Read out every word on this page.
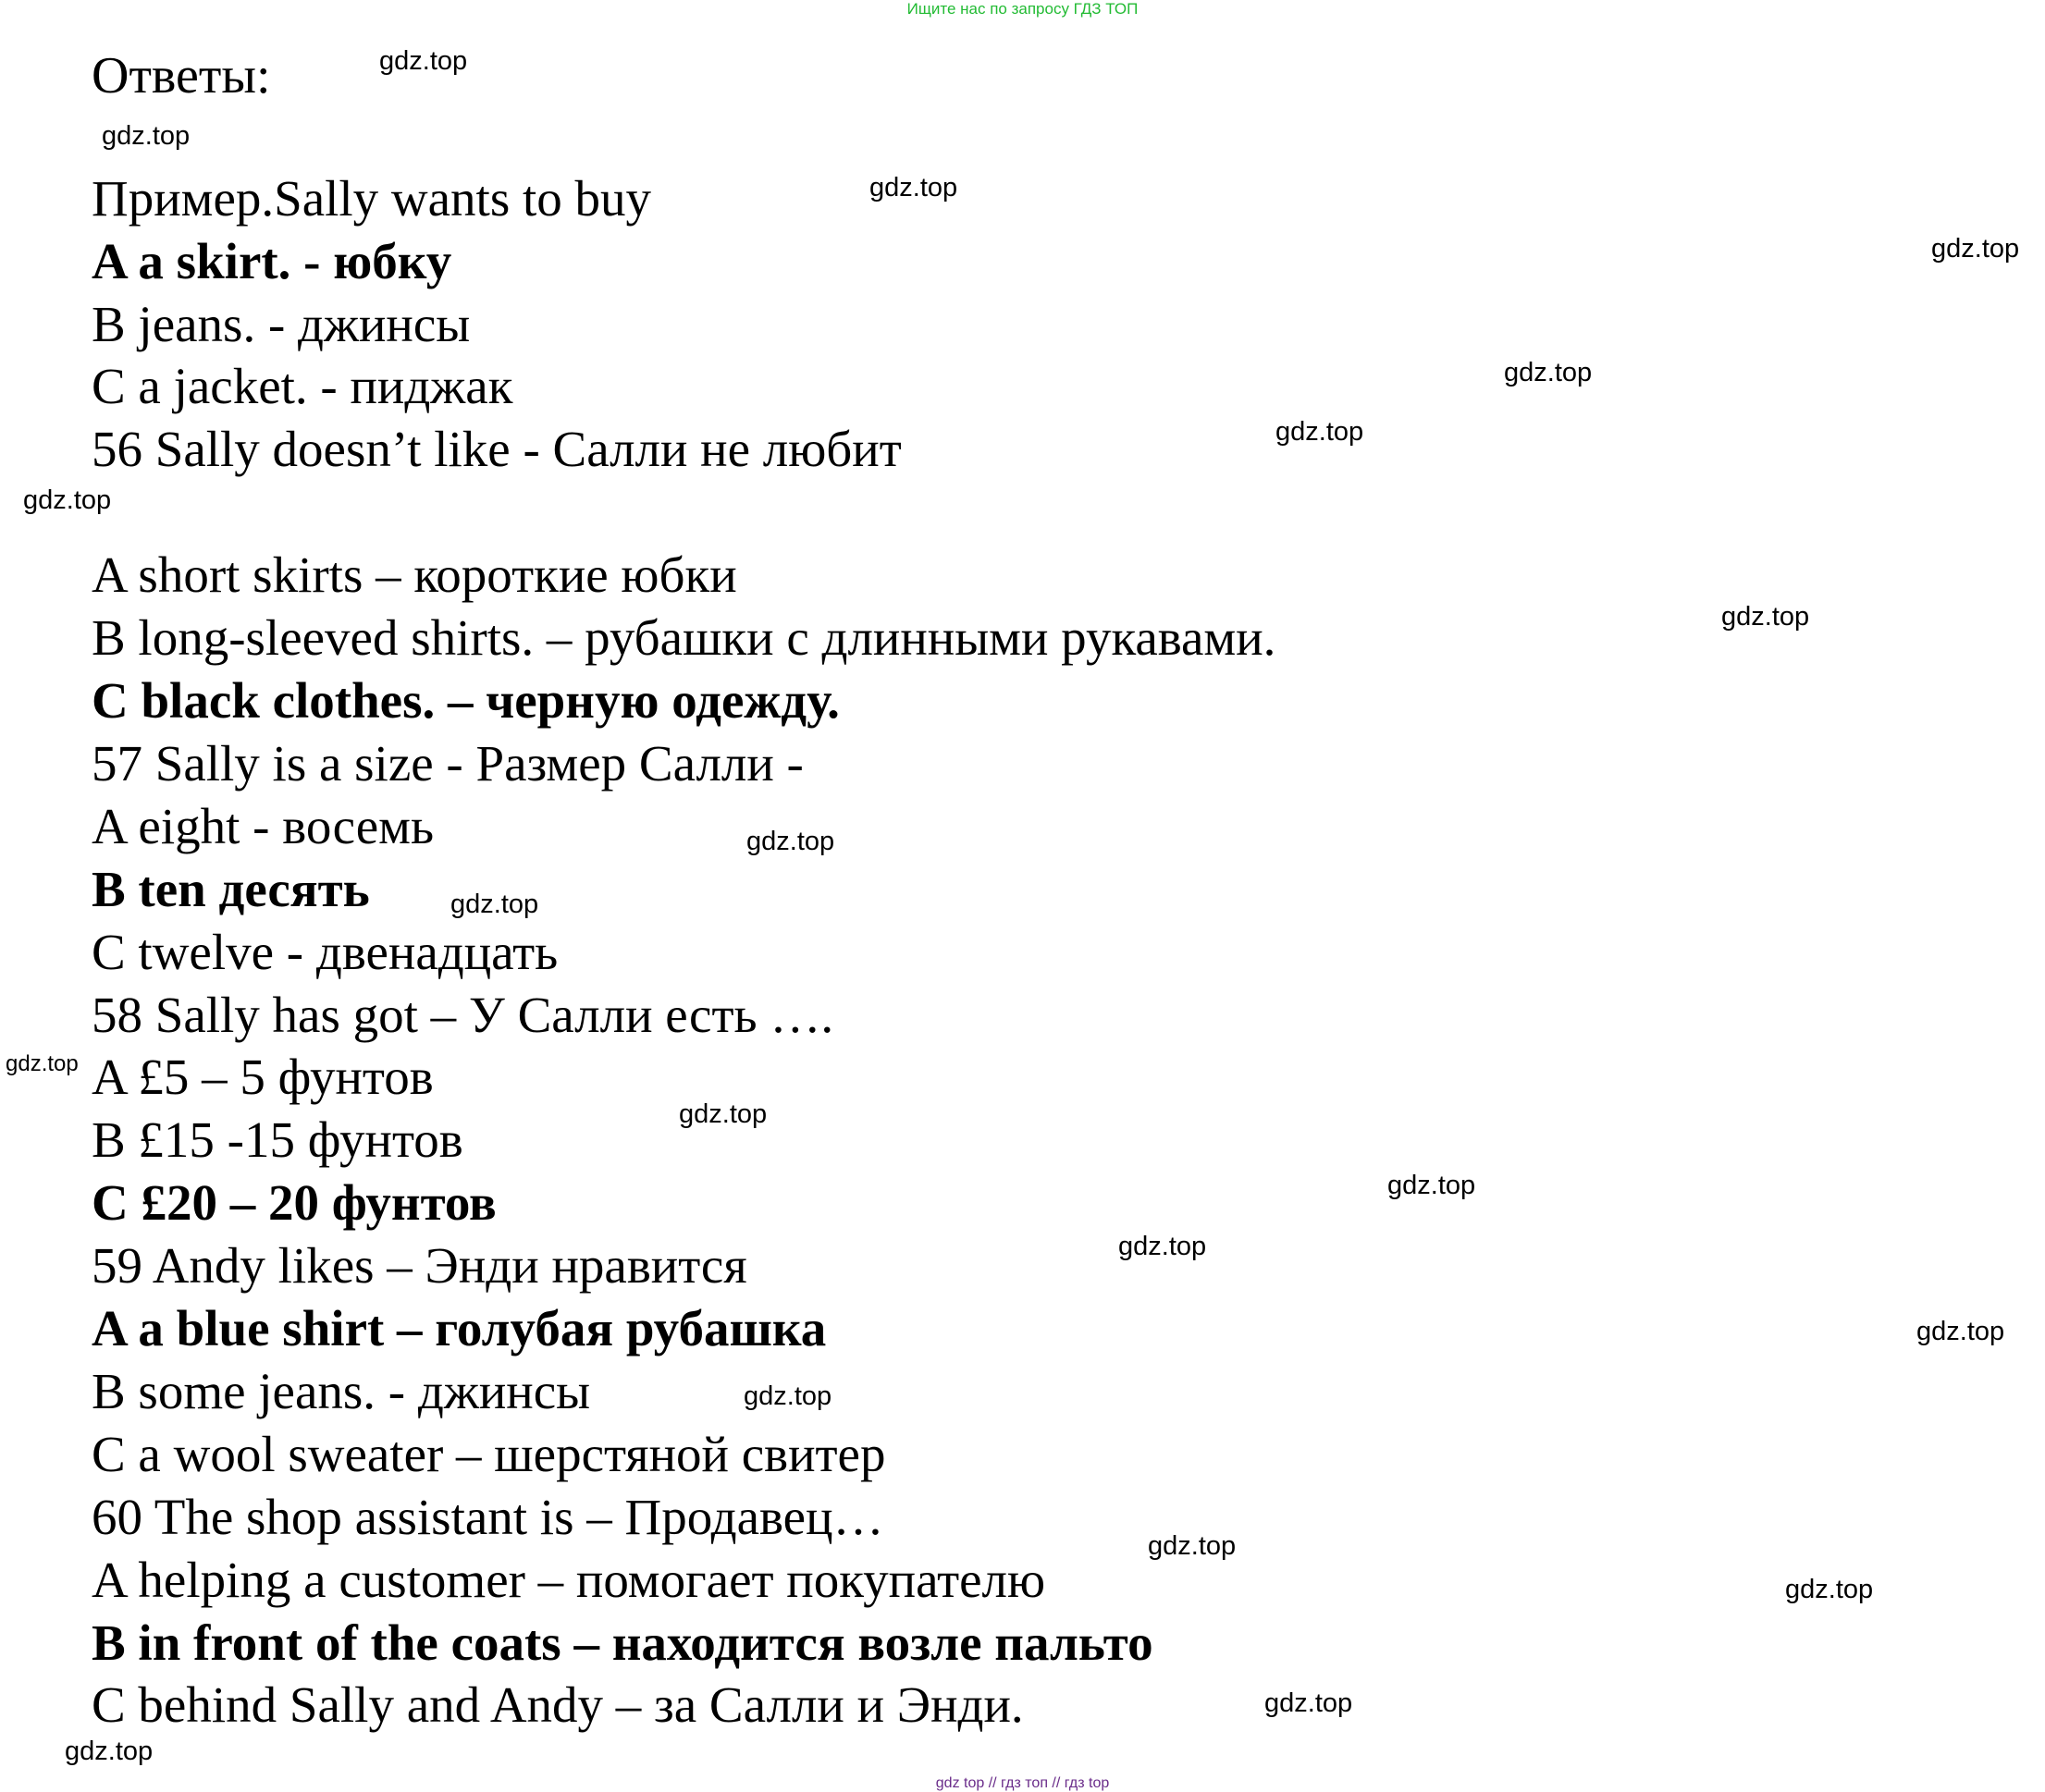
Ищите нас по запросу ГДЗ ТОП
Ответы:
Пример.Sally wants to buy
A a skirt. - юбку
B jeans. - джинсы
C a jacket. - пиджак
56 Sally doesn’t like - Салли не любит
A short skirts – короткие юбки
B long-sleeved shirts. – рубашки с длинными рукавами.
C black clothes. – черную одежду.
57 Sally is a size - Размер Салли -
A eight - восемь
B ten десять
C twelve - двенадцать
58 Sally has got – У Салли есть ….
A £5 – 5 фунтов
B £15 -15 фунтов
C £20 – 20 фунтов
59 Andy likes – Энди нравится
A a blue shirt – голубая рубашка
B some jeans. - джинсы
C a wool sweater – шерстяной свитер
60 The shop assistant is – Продавец…
A helping a customer – помогает покупателю
B in front of the coats – находится возле пальто
C behind Sally and Andy – за Салли и Энди.
gdz.top
gdz.top
gdz.top
gdz.top
gdz.top
gdz.top
gdz.top
gdz.top
gdz.top
gdz.top
gdz.top
gdz.top
gdz.top
gdz.top
gdz.top
gdz.top
gdz.top
gdz.top
gdz.top
gdz.top
gdz top // гдз топ // гдз top
